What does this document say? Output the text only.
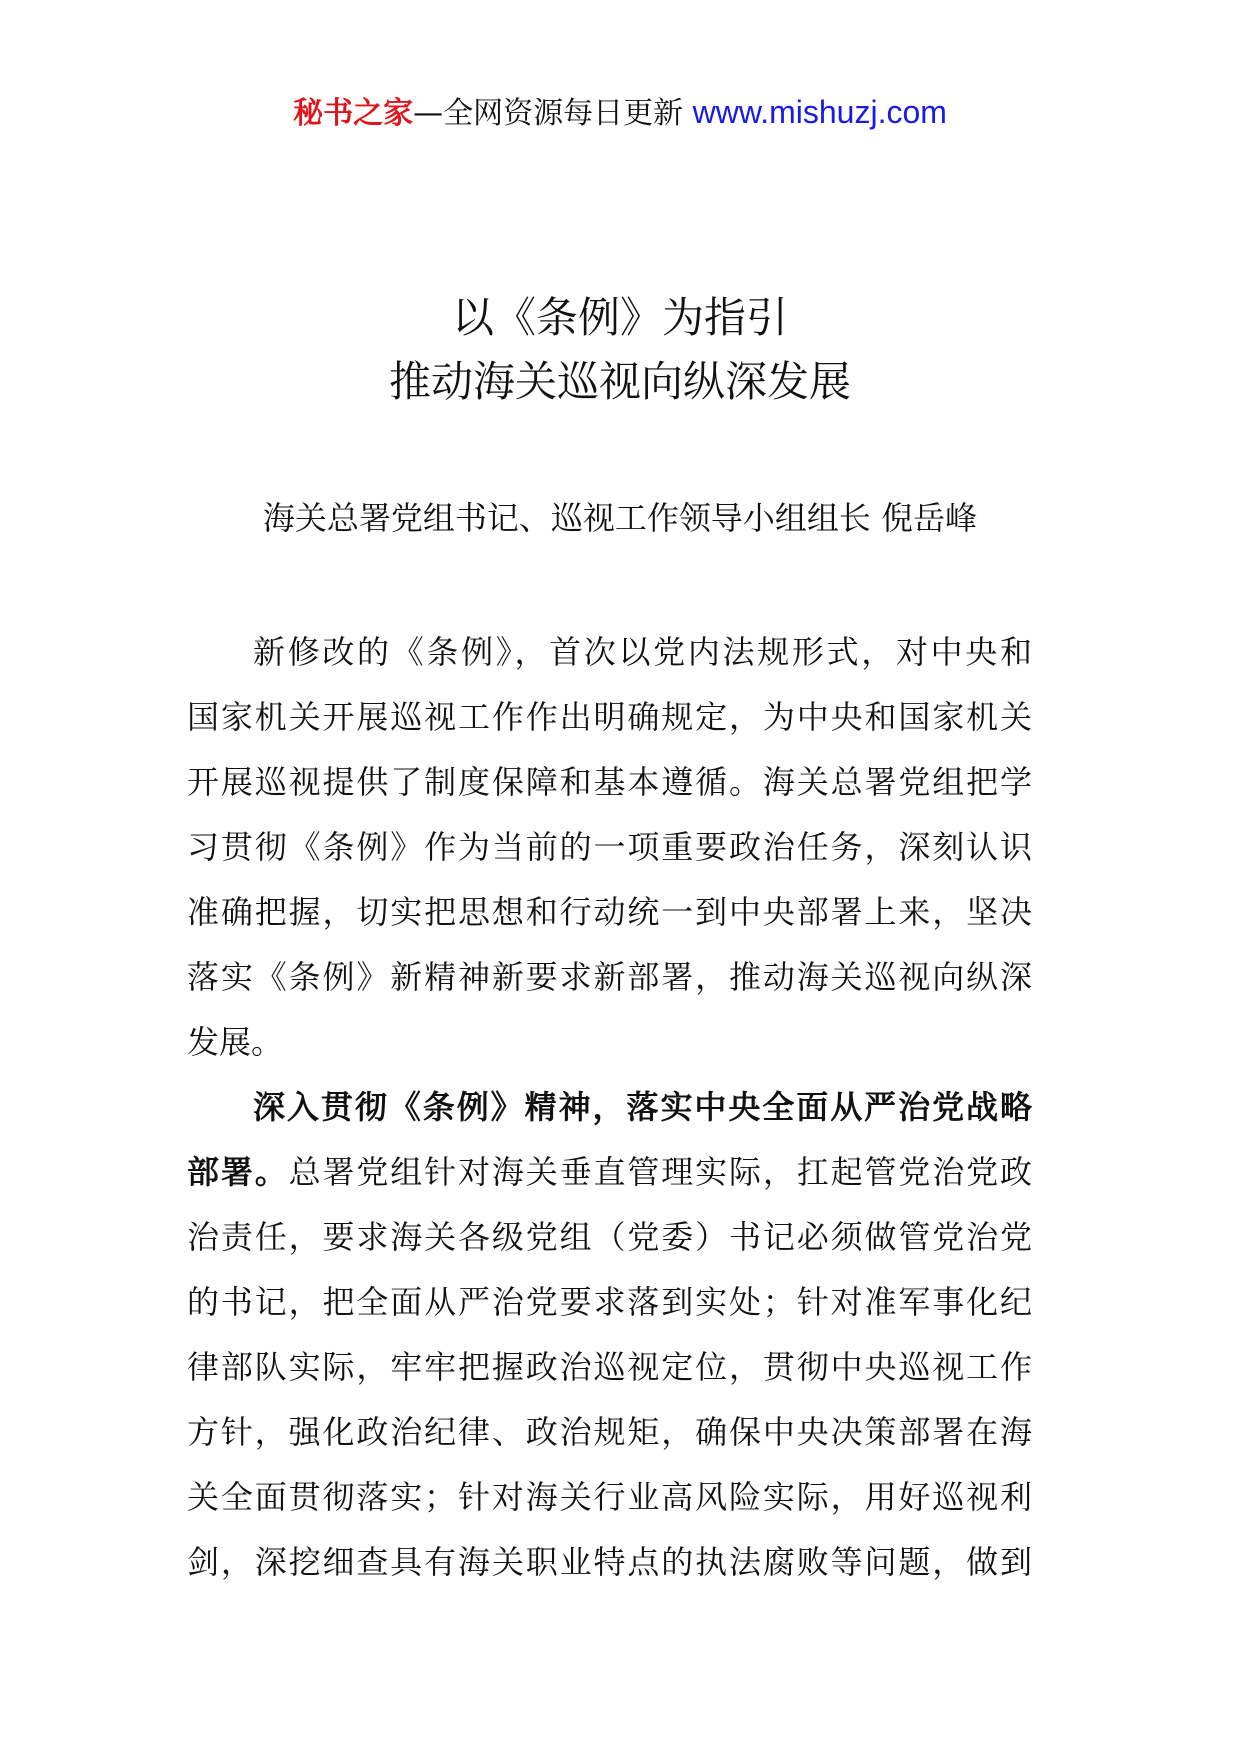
秘书之家—全网资源每日更新 www.mishuzj.com
以《条例》为指引
推动海关巡视向纵深发展
海关总署党组书记、巡视工作领导小组组长 倪岳峰
新修改的《条例》，首次以党内法规形式，对中央和
国家机关开展巡视工作作出明确规定，为中央和国家机关
开展巡视提供了制度保障和基本遵循。海关总署党组把学
习贯彻《条例》作为当前的一项重要政治任务，深刻认识
准确把握，切实把思想和行动统一到中央部署上来，坚决
落实《条例》新精神新要求新部署，推动海关巡视向纵深
发展。
深入贯彻《条例》精神，落实中央全面从严治党战略
部署。总署党组针对海关垂直管理实际，扛起管党治党政
治责任，要求海关各级党组（党委）书记必须做管党治党
的书记，把全面从严治党要求落到实处；针对准军事化纪
律部队实际，牢牢把握政治巡视定位，贯彻中央巡视工作
方针，强化政治纪律、政治规矩，确保中央决策部署在海
关全面贯彻落实；针对海关行业高风险实际，用好巡视利
剑，深挖细查具有海关职业特点的执法腐败等问题，做到
